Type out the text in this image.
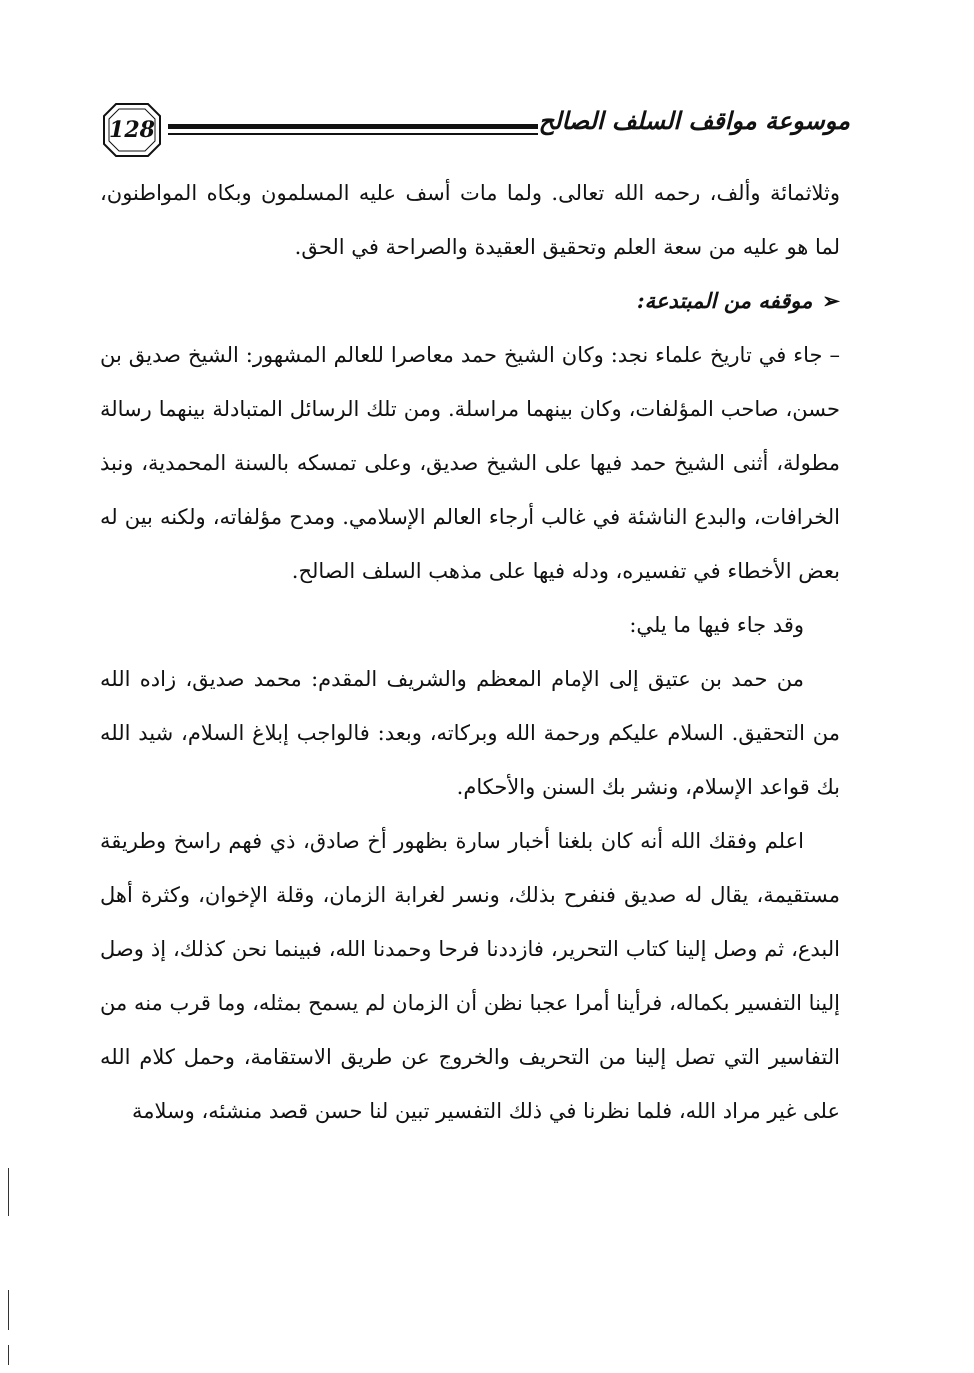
128	موسوعة مواقف السلف الصالح

وثلاثمائة وألف، رحمه الله تعالى. ولما مات أسف عليه المسلمون وبكاه المواطنون، لما هو عليه من سعة العلم وتحقيق العقيدة والصراحة في الحق.

➢موقفه من المبتدعة:

– جاء في تاريخ علماء نجد: وكان الشيخ حمد معاصرا للعالم المشهور: الشيخ صديق بن حسن، صاحب المؤلفات، وكان بينهما مراسلة. ومن تلك الرسائل المتبادلة بينهما رسالة مطولة، أثنى الشيخ حمد فيها على الشيخ صديق، وعلى تمسكه بالسنة المحمدية، ونبذ الخرافات، والبدع الناشئة في غالب أرجاء العالم الإسلامي. ومدح مؤلفاته، ولكنه بين له بعض الأخطاء في تفسيره، ودله فيها على مذهب السلف الصالح.

وقد جاء فيها ما يلي:

من حمد بن عتيق إلى الإمام المعظم والشريف المقدم: محمد صديق، زاده الله من التحقيق. السلام عليكم ورحمة الله وبركاته، وبعد: فالواجب إبلاغ السلام، شيد الله بك قواعد الإسلام، ونشر بك السنن والأحكام.

اعلم وفقك الله أنه كان بلغنا أخبار سارة بظهور أخ صادق، ذي فهم راسخ وطريقة مستقيمة، يقال له صديق فنفرح بذلك، ونسر لغرابة الزمان، وقلة الإخوان، وكثرة أهل البدع، ثم وصل إلينا كتاب التحرير، فازددنا فرحا وحمدنا الله، فبينما نحن كذلك، إذ وصل إلينا التفسير بكماله، فرأينا أمرا عجبا نظن أن الزمان لم يسمح بمثله، وما قرب منه من التفاسير التي تصل إلينا من التحريف والخروج عن طريق الاستقامة، وحمل كلام الله على غير مراد الله، فلما نظرنا في ذلك التفسير تبين لنا حسن قصد منشئه، وسلامة
